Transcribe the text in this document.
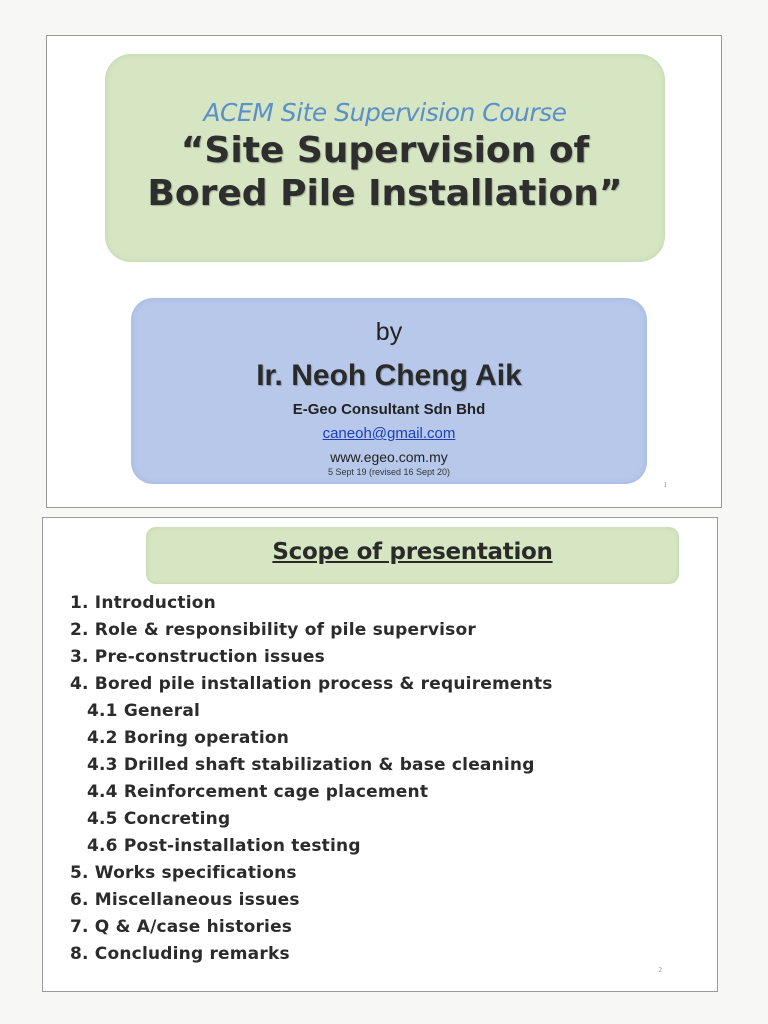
ACEM Site Supervision Course
“Site Supervision of
Bored Pile Installation”
by
Ir. Neoh Cheng Aik
E-Geo Consultant Sdn Bhd
caneoh@gmail.com
www.egeo.com.my
5 Sept 19 (revised 16 Sept 20)
1
Scope of presentation
1. Introduction
2. Role & responsibility of pile supervisor
3. Pre-construction issues
4. Bored pile installation process & requirements
4.1 General
4.2 Boring operation
4.3 Drilled shaft stabilization & base cleaning
4.4 Reinforcement cage placement
4.5 Concreting
4.6 Post-installation testing
5. Works specifications
6. Miscellaneous issues
7. Q & A/case histories
8. Concluding remarks
2
